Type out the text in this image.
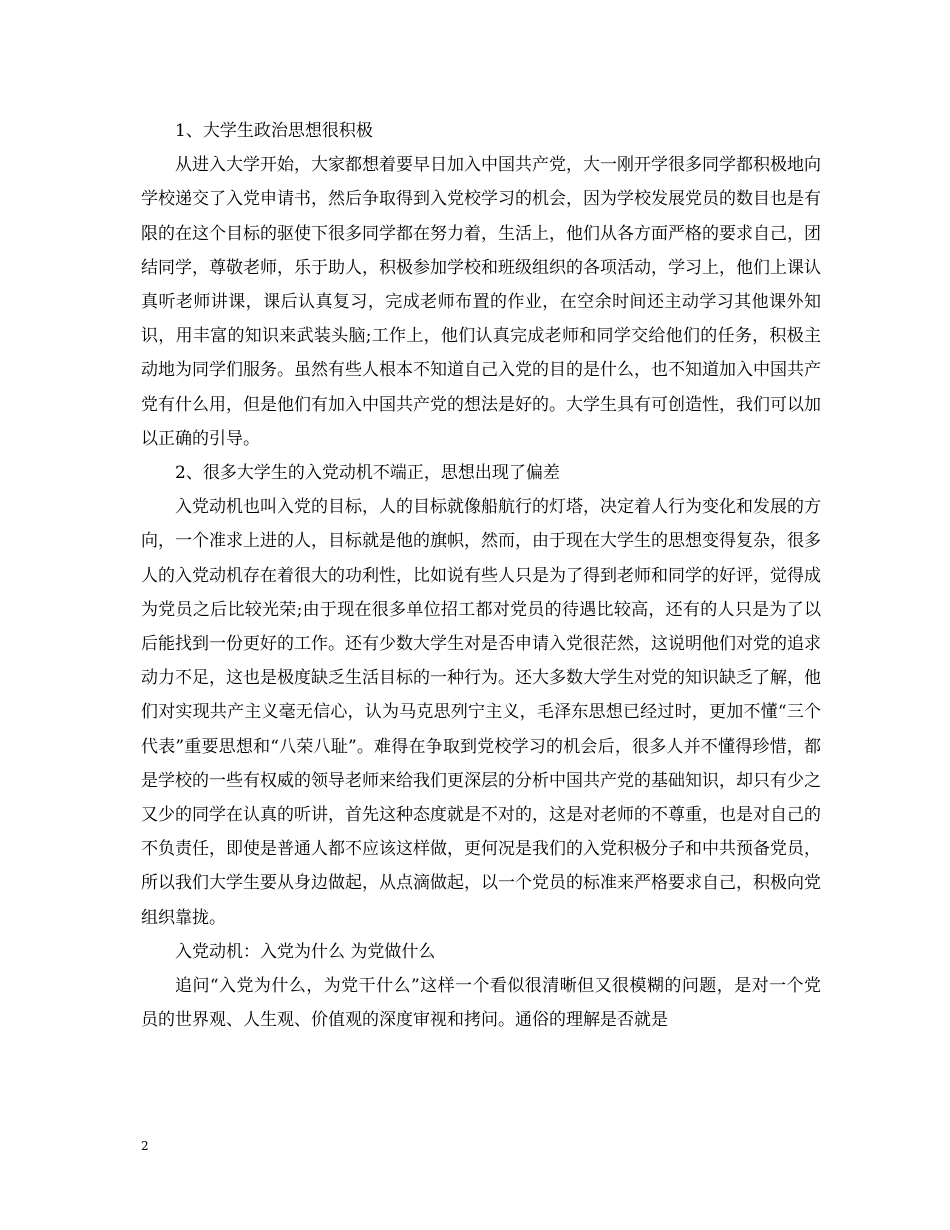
1、大学生政治思想很积极

从进入大学开始，大家都想着要早日加入中国共产党，大一刚开学很多同学都积极地向学校递交了入党申请书，然后争取得到入党校学习的机会，因为学校发展党员的数目也是有限的在这个目标的驱使下很多同学都在努力着，生活上，他们从各方面严格的要求自己，团结同学，尊敬老师，乐于助人，积极参加学校和班级组织的各项活动，学习上，他们上课认真听老师讲课，课后认真复习，完成老师布置的作业，在空余时间还主动学习其他课外知识，用丰富的知识来武装头脑;工作上，他们认真完成老师和同学交给他们的任务，积极主动地为同学们服务。虽然有些人根本不知道自己入党的目的是什么，也不知道加入中国共产党有什么用，但是他们有加入中国共产党的想法是好的。大学生具有可创造性，我们可以加以正确的引导。

2、很多大学生的入党动机不端正，思想出现了偏差

入党动机也叫入党的目标，人的目标就像船航行的灯塔，决定着人行为变化和发展的方向，一个准求上进的人，目标就是他的旗帜，然而，由于现在大学生的思想变得复杂，很多人的入党动机存在着很大的功利性，比如说有些人只是为了得到老师和同学的好评，觉得成为党员之后比较光荣;由于现在很多单位招工都对党员的待遇比较高，还有的人只是为了以后能找到一份更好的工作。还有少数大学生对是否申请入党很茫然，这说明他们对党的追求动力不足，这也是极度缺乏生活目标的一种行为。还大多数大学生对党的知识缺乏了解，他们对实现共产主义毫无信心，认为马克思列宁主义，毛泽东思想已经过时，更加不懂“三个代表”重要思想和“八荣八耻”。难得在争取到党校学习的机会后，很多人并不懂得珍惜，都是学校的一些有权威的领导老师来给我们更深层的分析中国共产党的基础知识，却只有少之又少的同学在认真的听讲，首先这种态度就是不对的，这是对老师的不尊重，也是对自己的不负责任，即使是普通人都不应该这样做，更何况是我们的入党积极分子和中共预备党员，所以我们大学生要从身边做起，从点滴做起，以一个党员的标准来严格要求自己，积极向党组织靠拢。

入党动机：入党为什么 为党做什么

追问“入党为什么，为党干什么”这样一个看似很清晰但又很模糊的问题，是对一个党员的世界观、人生观、价值观的深度审视和拷问。通俗的理解是否就是

2
